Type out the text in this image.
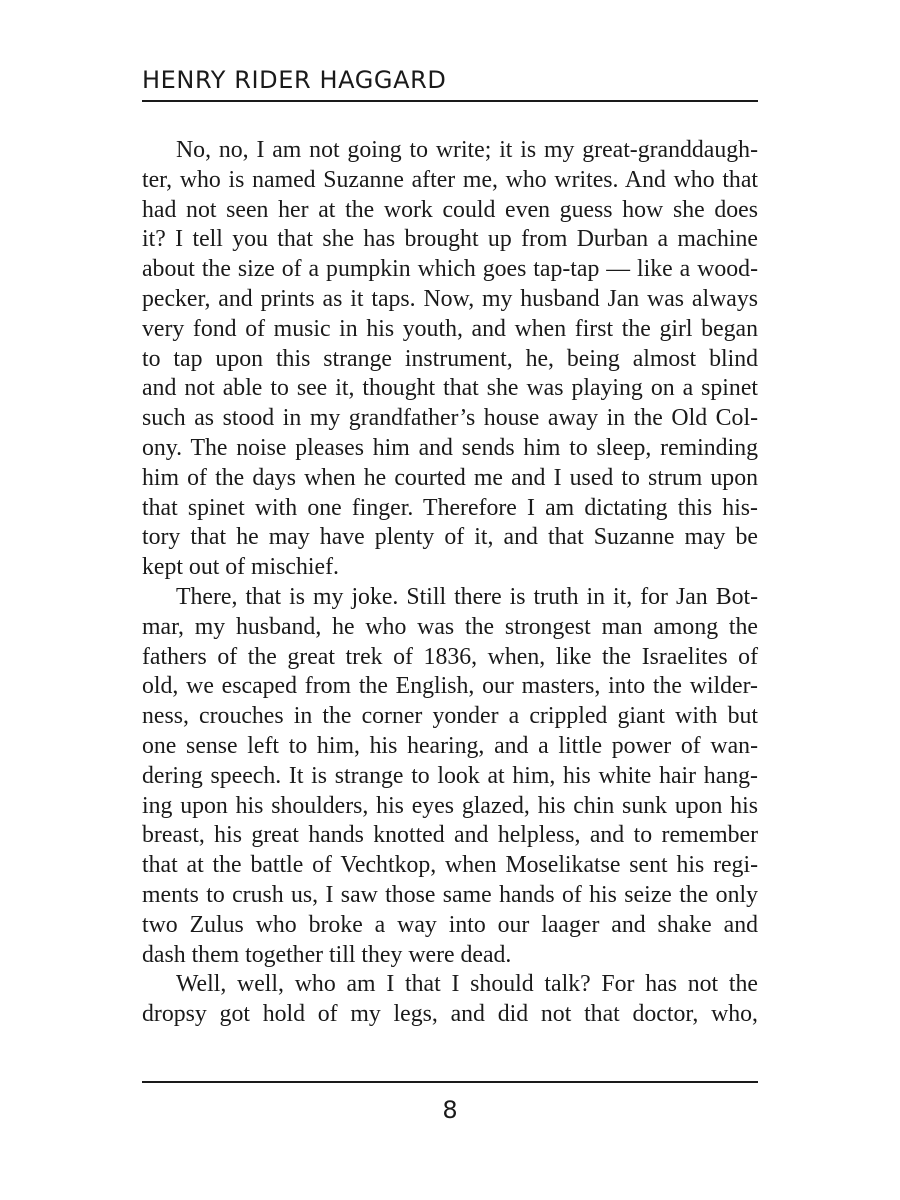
HENRY RIDER HAGGARD
No, no, I am not going to write; it is my great-granddaugh-
ter, who is named Suzanne after me, who writes. And who that
had not seen her at the work could even guess how she does
it? I tell you that she has brought up from Durban a machine
about the size of a pumpkin which goes tap-tap — like a wood-
pecker, and prints as it taps. Now, my husband Jan was always
very fond of music in his youth, and when first the girl began
to tap upon this strange instrument, he, being almost blind
and not able to see it, thought that she was playing on a spinet
such as stood in my grandfather’s house away in the Old Col-
ony. The noise pleases him and sends him to sleep, reminding
him of the days when he courted me and I used to strum upon
that spinet with one finger. Therefore I am dictating this his-
tory that he may have plenty of it, and that Suzanne may be
kept out of mischief.
There, that is my joke. Still there is truth in it, for Jan Bot-
mar, my husband, he who was the strongest man among the
fathers of the great trek of 1836, when, like the Israelites of
old, we escaped from the English, our masters, into the wilder-
ness, crouches in the corner yonder a crippled giant with but
one sense left to him, his hearing, and a little power of wan-
dering speech. It is strange to look at him, his white hair hang-
ing upon his shoulders, his eyes glazed, his chin sunk upon his
breast, his great hands knotted and helpless, and to remember
that at the battle of Vechtkop, when Moselikatse sent his regi-
ments to crush us, I saw those same hands of his seize the only
two Zulus who broke a way into our laager and shake and
dash them together till they were dead.
Well, well, who am I that I should talk? For has not the
dropsy got hold of my legs, and did not that doctor, who,
8
